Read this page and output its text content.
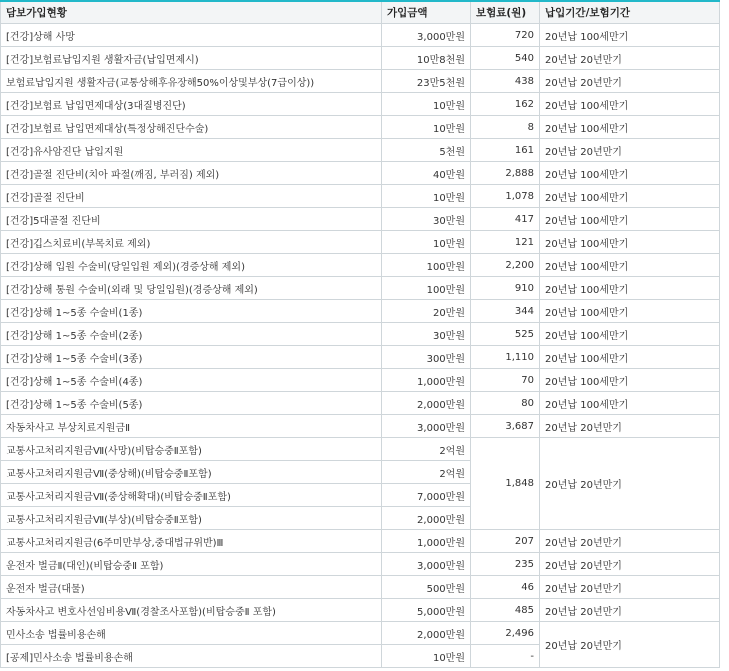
담보가입현황	가입금액	보험료(원)	납입기간/보험기간
[건강]상해 사망	3,000만원	720	20년납 100세만기
[건강]보험료납입지원 생활자금(납입면제시)	10만8천원	540	20년납 20년만기
보험료납입지원 생활자금(교통상해후유장해50%이상및부상(7급이상))	23만5천원	438	20년납 20년만기
[건강]보험료 납입면제대상(3대질병진단)	10만원	162	20년납 100세만기
[건강]보험료 납입면제대상(특정상해진단수술)	10만원	8	20년납 100세만기
[건강]유사암진단 납입지원	5천원	161	20년납 20년만기
[건강]골절 진단비(치아 파절(깨짐, 부러짐) 제외)	40만원	2,888	20년납 100세만기
[건강]골절 진단비	10만원	1,078	20년납 100세만기
[건강]5대골절 진단비	30만원	417	20년납 100세만기
[건강]깁스치료비(부목치료 제외)	10만원	121	20년납 100세만기
[건강]상해 입원 수술비(당일입원 제외)(경증상해 제외)	100만원	2,200	20년납 100세만기
[건강]상해 통원 수술비(외래 및 당일입원)(경증상해 제외)	100만원	910	20년납 100세만기
[건강]상해 1~5종 수술비(1종)	20만원	344	20년납 100세만기
[건강]상해 1~5종 수술비(2종)	30만원	525	20년납 100세만기
[건강]상해 1~5종 수술비(3종)	300만원	1,110	20년납 100세만기
[건강]상해 1~5종 수술비(4종)	1,000만원	70	20년납 100세만기
[건강]상해 1~5종 수술비(5종)	2,000만원	80	20년납 100세만기
자동차사고 부상치료지원금Ⅱ	3,000만원	3,687	20년납 20년만기
교통사고처리지원금Ⅶ(사망)(비탑승중Ⅱ포함)	2억원	1,848	20년납 20년만기
교통사고처리지원금Ⅶ(중상해)(비탑승중Ⅱ포함)	2억원		
교통사고처리지원금Ⅶ(중상해확대)(비탑승중Ⅱ포함)	7,000만원		
교통사고처리지원금Ⅶ(부상)(비탑승중Ⅱ포함)	2,000만원		
교통사고처리지원금(6주미만부상,중대법규위반)Ⅲ	1,000만원	207	20년납 20년만기
운전자 벌금Ⅱ(대인)(비탑승중Ⅱ 포함)	3,000만원	235	20년납 20년만기
운전자 벌금(대물)	500만원	46	20년납 20년만기
자동차사고 변호사선임비용Ⅶ(경찰조사포함)(비탑승중Ⅱ 포함)	5,000만원	485	20년납 20년만기
민사소송 법률비용손해	2,000만원	2,496	20년납 20년만기
[공제]민사소송 법률비용손해	10만원	-	
